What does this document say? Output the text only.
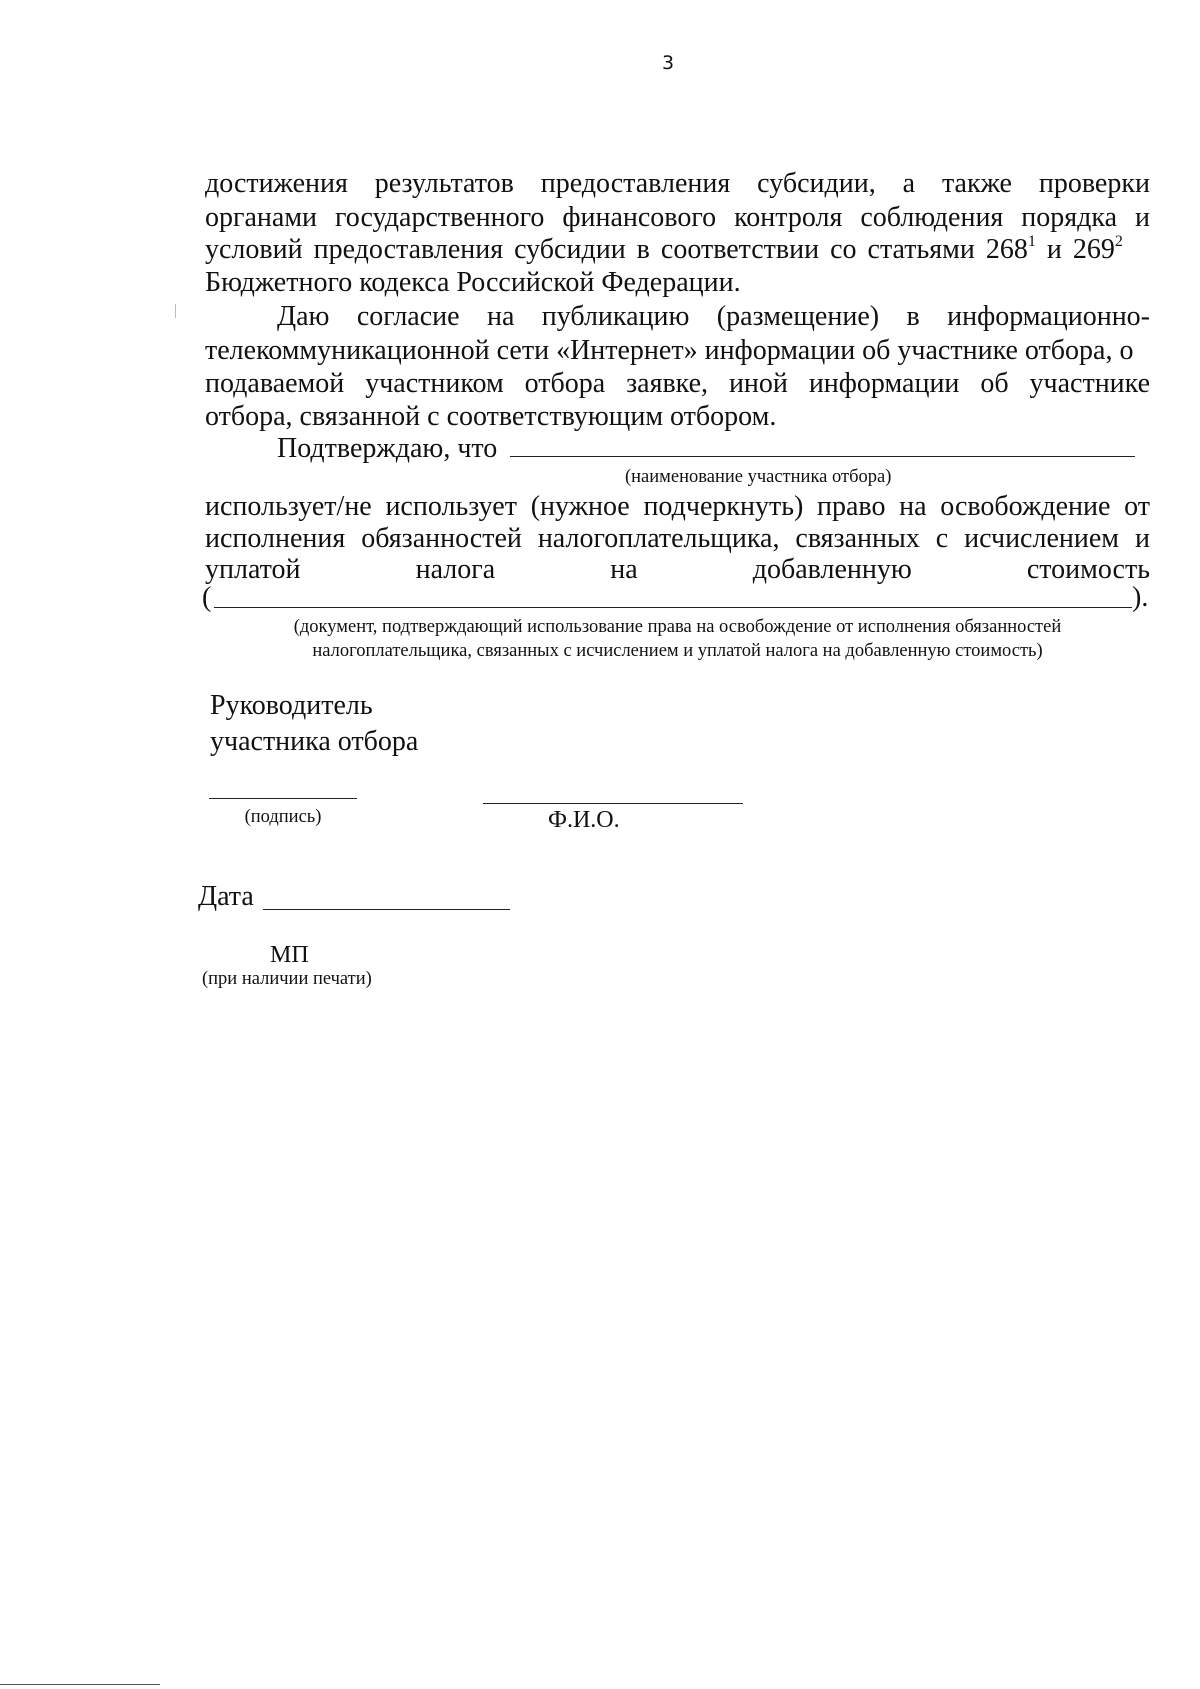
3
достижения результатов предоставления субсидии, а также проверки
органами государственного финансового контроля соблюдения порядка и
условий предоставления субсидии в соответствии со статьями $268^1$ и $269^2$
Бюджетного кодекса Российской Федерации.
Даю согласие на публикацию (размещение) в информационно-
телекоммуникационной сети «Интернет» информации об участнике отбора, о
подаваемой участником отбора заявке, иной информации об участнике
отбора, связанной с соответствующим отбором.
Подтверждаю, что
(наименование участника отбора)
использует/не использует (нужное подчеркнуть) право на освобождение от
исполнения обязанностей налогоплательщика, связанных с исчислением и
уплатой	налога	на	добавленную	стоимость
(	).
(документ, подтверждающий использование права на освобождение от исполнения обязанностей
налогоплательщика, связанных с исчислением и уплатой налога на добавленную стоимость)
Руководитель
участника отбора
(подпись)	Ф.И.О.
Дата
МП
(при наличии печати)
